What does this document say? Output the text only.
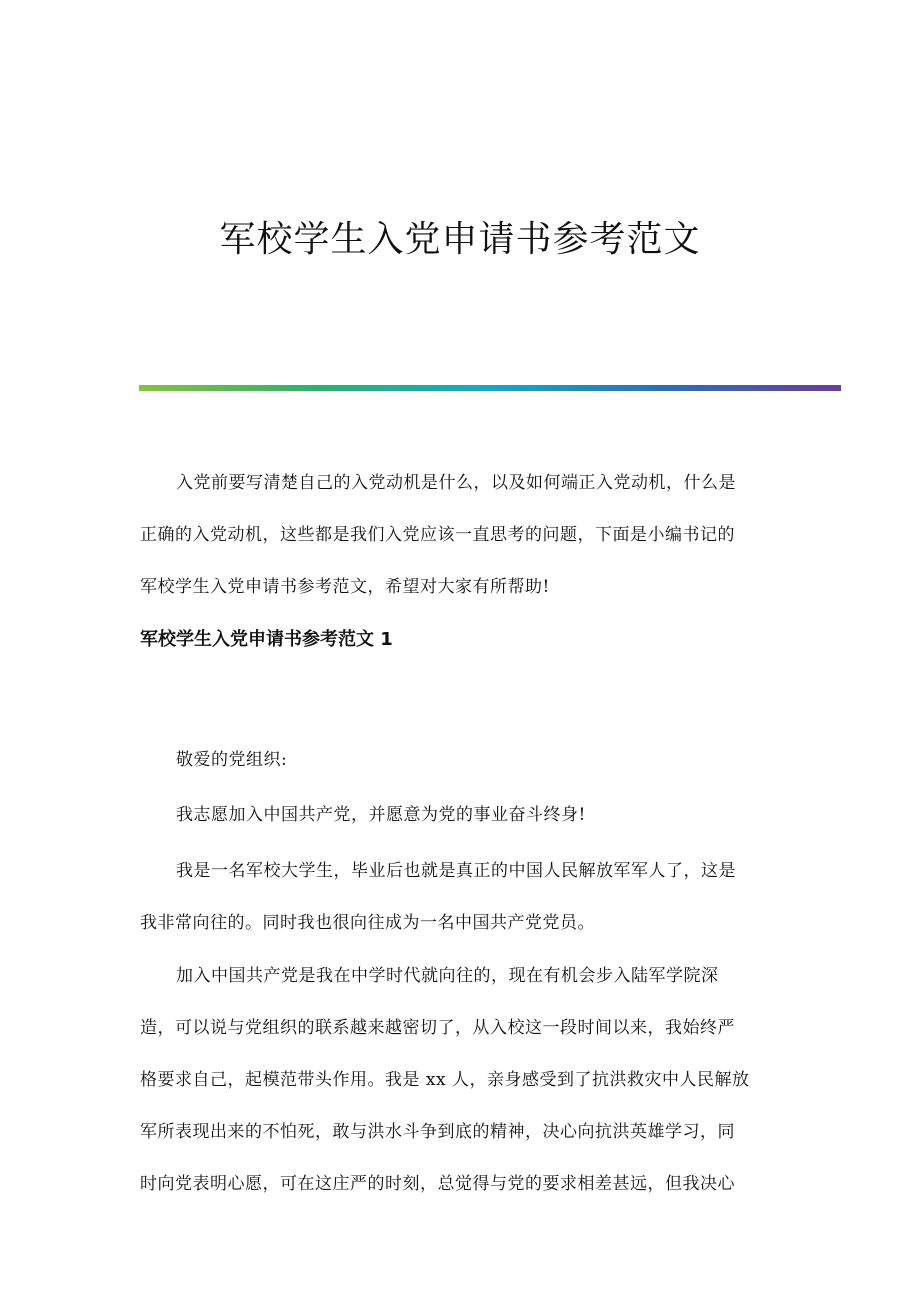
军校学生入党申请书参考范文
入党前要写清楚自己的入党动机是什么，以及如何端正入党动机，什么是
正确的入党动机，这些都是我们入党应该一直思考的问题，下面是小编书记的
军校学生入党申请书参考范文，希望对大家有所帮助!
军校学生入党申请书参考范文 1
敬爱的党组织:
我志愿加入中国共产党，并愿意为党的事业奋斗终身!
我是一名军校大学生，毕业后也就是真正的中国人民解放军军人了，这是
我非常向往的。同时我也很向往成为一名中国共产党党员。
加入中国共产党是我在中学时代就向往的，现在有机会步入陆军学院深
造，可以说与党组织的联系越来越密切了，从入校这一段时间以来，我始终严
格要求自己，起模范带头作用。我是 xx 人，亲身感受到了抗洪救灾中人民解放
军所表现出来的不怕死，敢与洪水斗争到底的精神，决心向抗洪英雄学习，同
时向党表明心愿，可在这庄严的时刻，总觉得与党的要求相差甚远，但我决心
